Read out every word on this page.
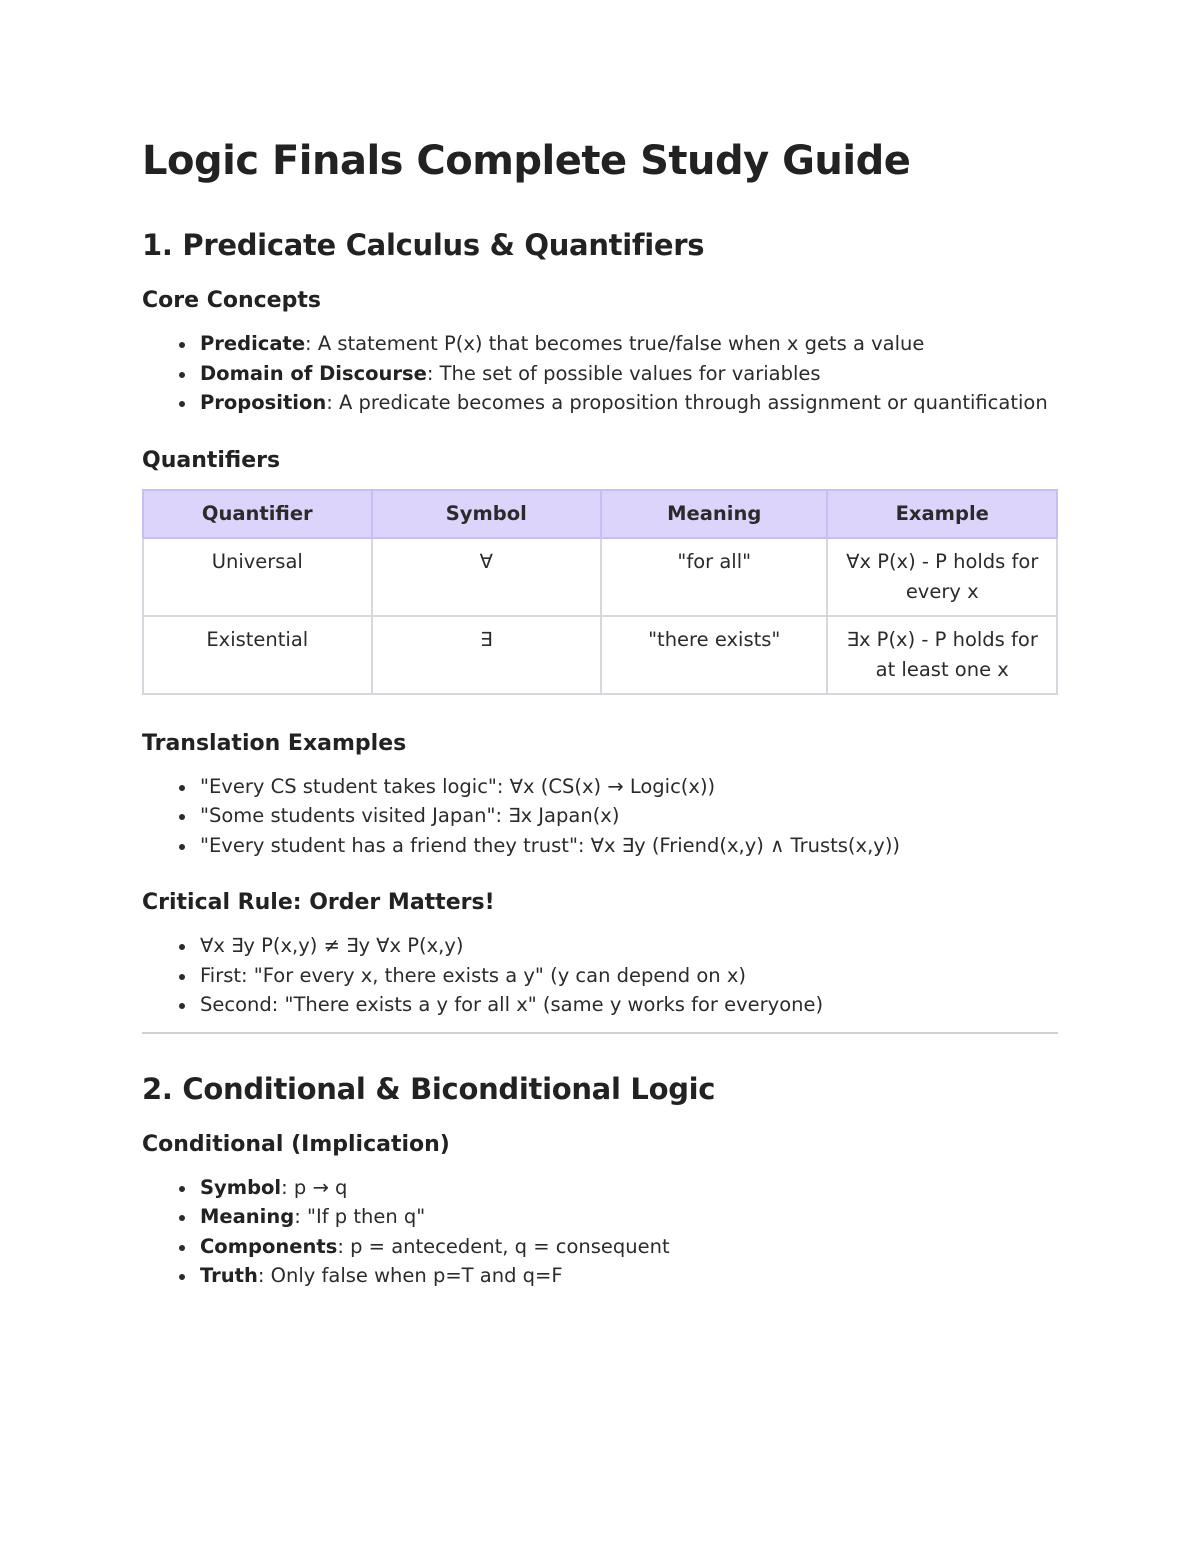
Logic Finals Complete Study Guide
1. Predicate Calculus & Quantifiers
Core Concepts
Predicate: A statement P(x) that becomes true/false when x gets a value
Domain of Discourse: The set of possible values for variables
Proposition: A predicate becomes a proposition through assignment or quantification
Quantifiers
Quantifier	Symbol	Meaning	Example
Universal	∀	"for all"	∀x P(x) - P holds for every x
Existential	∃	"there exists"	∃x P(x) - P holds for at least one x
Translation Examples
"Every CS student takes logic": ∀x (CS(x) → Logic(x))
"Some students visited Japan": ∃x Japan(x)
"Every student has a friend they trust": ∀x ∃y (Friend(x,y) ∧ Trusts(x,y))
Critical Rule: Order Matters!
∀x ∃y P(x,y) ≠ ∃y ∀x P(x,y)
First: "For every x, there exists a y" (y can depend on x)
Second: "There exists a y for all x" (same y works for everyone)
2. Conditional & Biconditional Logic
Conditional (Implication)
Symbol: p → q
Meaning: "If p then q"
Components: p = antecedent, q = consequent
Truth: Only false when p=T and q=F
